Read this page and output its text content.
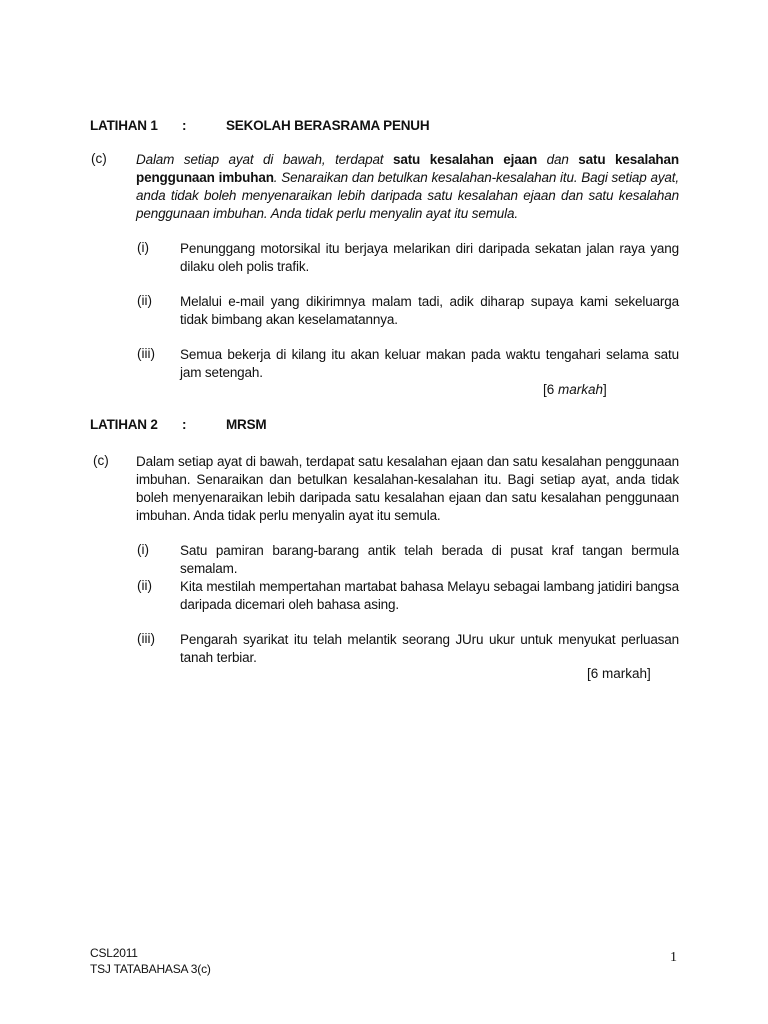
LATIHAN 1 :	SEKOLAH BERASRAMA PENUH
(c) Dalam setiap ayat di bawah, terdapat satu kesalahan ejaan dan satu kesalahan penggunaan imbuhan. Senaraikan dan betulkan kesalahan-kesalahan itu. Bagi setiap ayat, anda tidak boleh menyenaraikan lebih daripada satu kesalahan ejaan dan satu kesalahan penggunaan imbuhan. Anda tidak perlu menyalin ayat itu semula.
(i) Penunggang motorsikal itu berjaya melarikan diri daripada sekatan jalan raya yang dilaku oleh polis trafik.
(ii) Melalui e-mail yang dikirimnya malam tadi, adik diharap supaya kami sekeluarga tidak bimbang akan keselamatannya.
(iii) Semua bekerja di kilang itu akan keluar makan pada waktu tengahari selama satu jam setengah.
[6 markah]
LATIHAN 2 :	MRSM
(c) Dalam setiap ayat di bawah, terdapat satu kesalahan ejaan dan satu kesalahan penggunaan imbuhan. Senaraikan dan betulkan kesalahan-kesalahan itu. Bagi setiap ayat, anda tidak boleh menyenaraikan lebih daripada satu kesalahan ejaan dan satu kesalahan penggunaan imbuhan. Anda tidak perlu menyalin ayat itu semula.
(i) Satu pamiran barang-barang antik telah berada di pusat kraf tangan bermula semalam.
(ii) Kita mestilah mempertahan martabat bahasa Melayu sebagai lambang jatidiri bangsa daripada dicemari oleh bahasa asing.
(iii) Pengarah syarikat itu telah melantik seorang JUru ukur untuk menyukat perluasan tanah terbiar.
[6 markah]
CSL2011
TSJ TATABAHASA 3(c)
1
